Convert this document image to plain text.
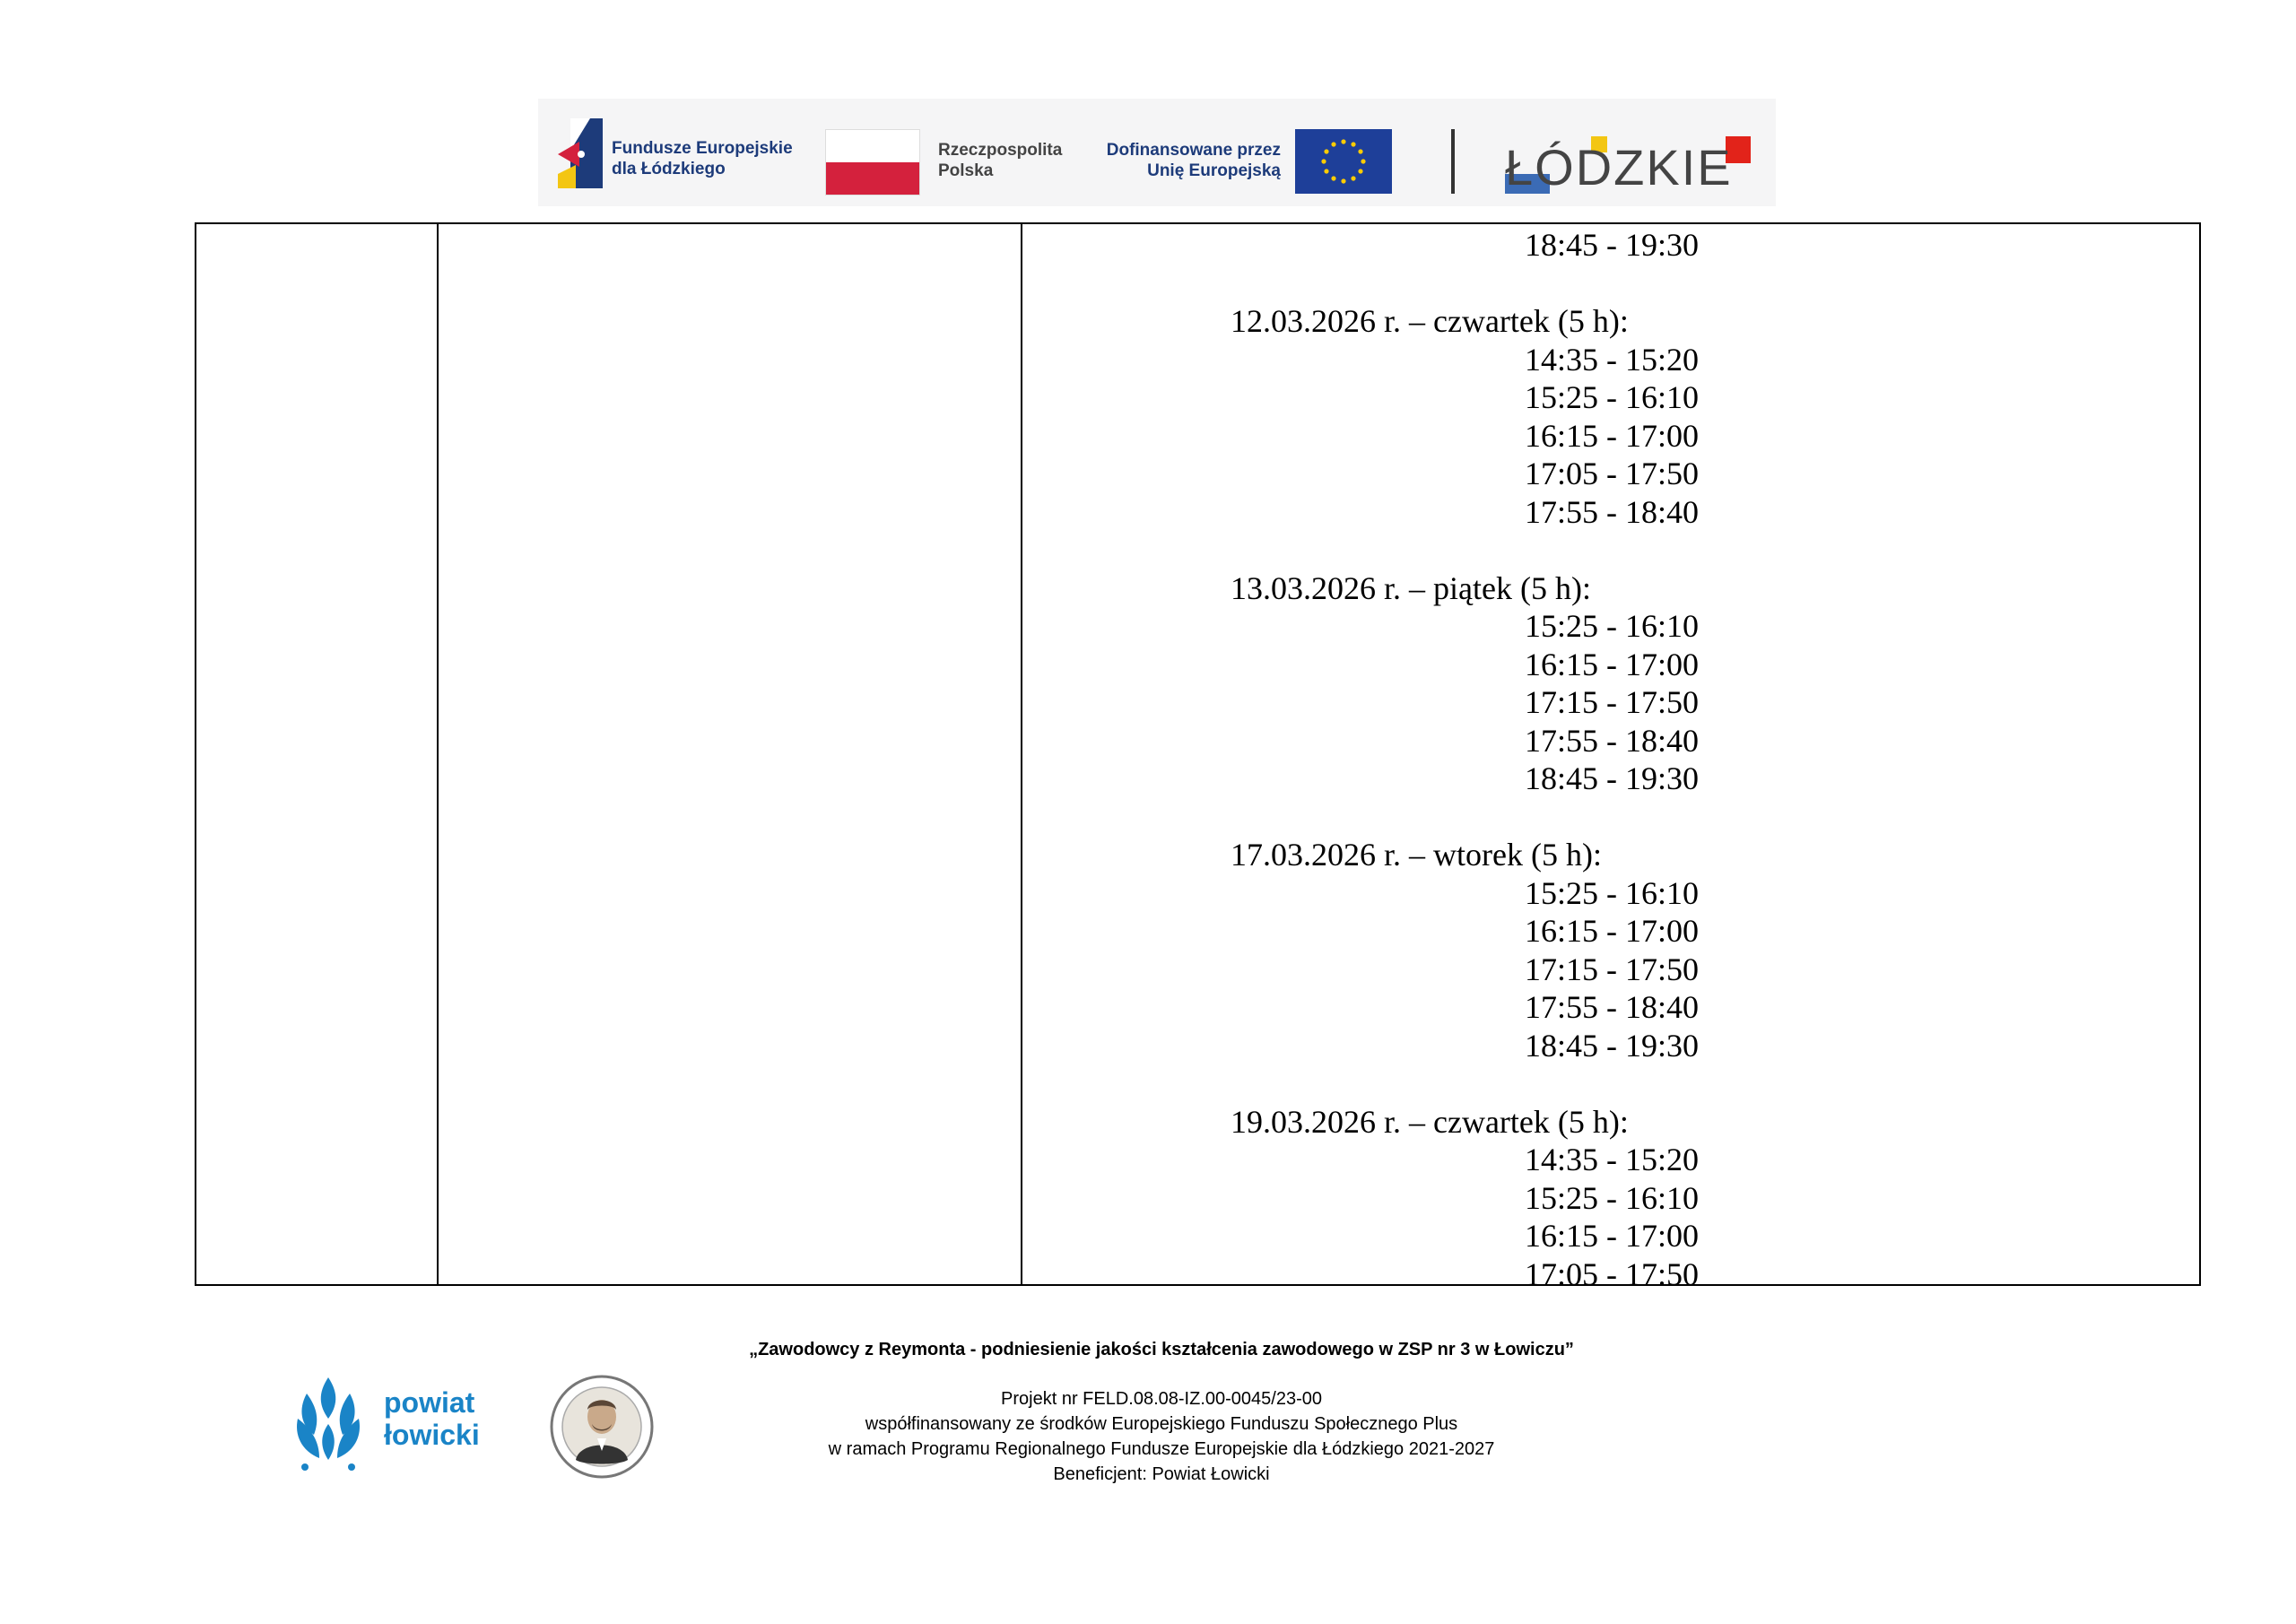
Fundusze Europejskie
dla Łódzkiego
Rzeczpospolita
Polska
Dofinansowane przez
Unię Europejską	ŁÓDZKIE
18:45 - 19:30
12.03.2026 r. – czwartek (5 h):
14:35 - 15:20
15:25 - 16:10
16:15 - 17:00
17:05 - 17:50
17:55 - 18:40
13.03.2026 r. – piątek (5 h):
15:25 - 16:10
16:15 - 17:00
17:15 - 17:50
17:55 - 18:40
18:45 - 19:30
17.03.2026 r. – wtorek (5 h):
15:25 - 16:10
16:15 - 17:00
17:15 - 17:50
17:55 - 18:40
18:45 - 19:30
19.03.2026 r. – czwartek (5 h):
14:35 - 15:20
15:25 - 16:10
16:15 - 17:00
17:05 - 17:50
powiat
łowicki
„Zawodowcy z Reymonta - podniesienie jakości kształcenia zawodowego w ZSP nr 3 w Łowiczu”
Projekt nr FELD.08.08-IZ.00-0045/23-00
współfinansowany ze środków Europejskiego Funduszu Społecznego Plus
w ramach Programu Regionalnego Fundusze Europejskie dla Łódzkiego 2021-2027
Beneficjent: Powiat Łowicki
